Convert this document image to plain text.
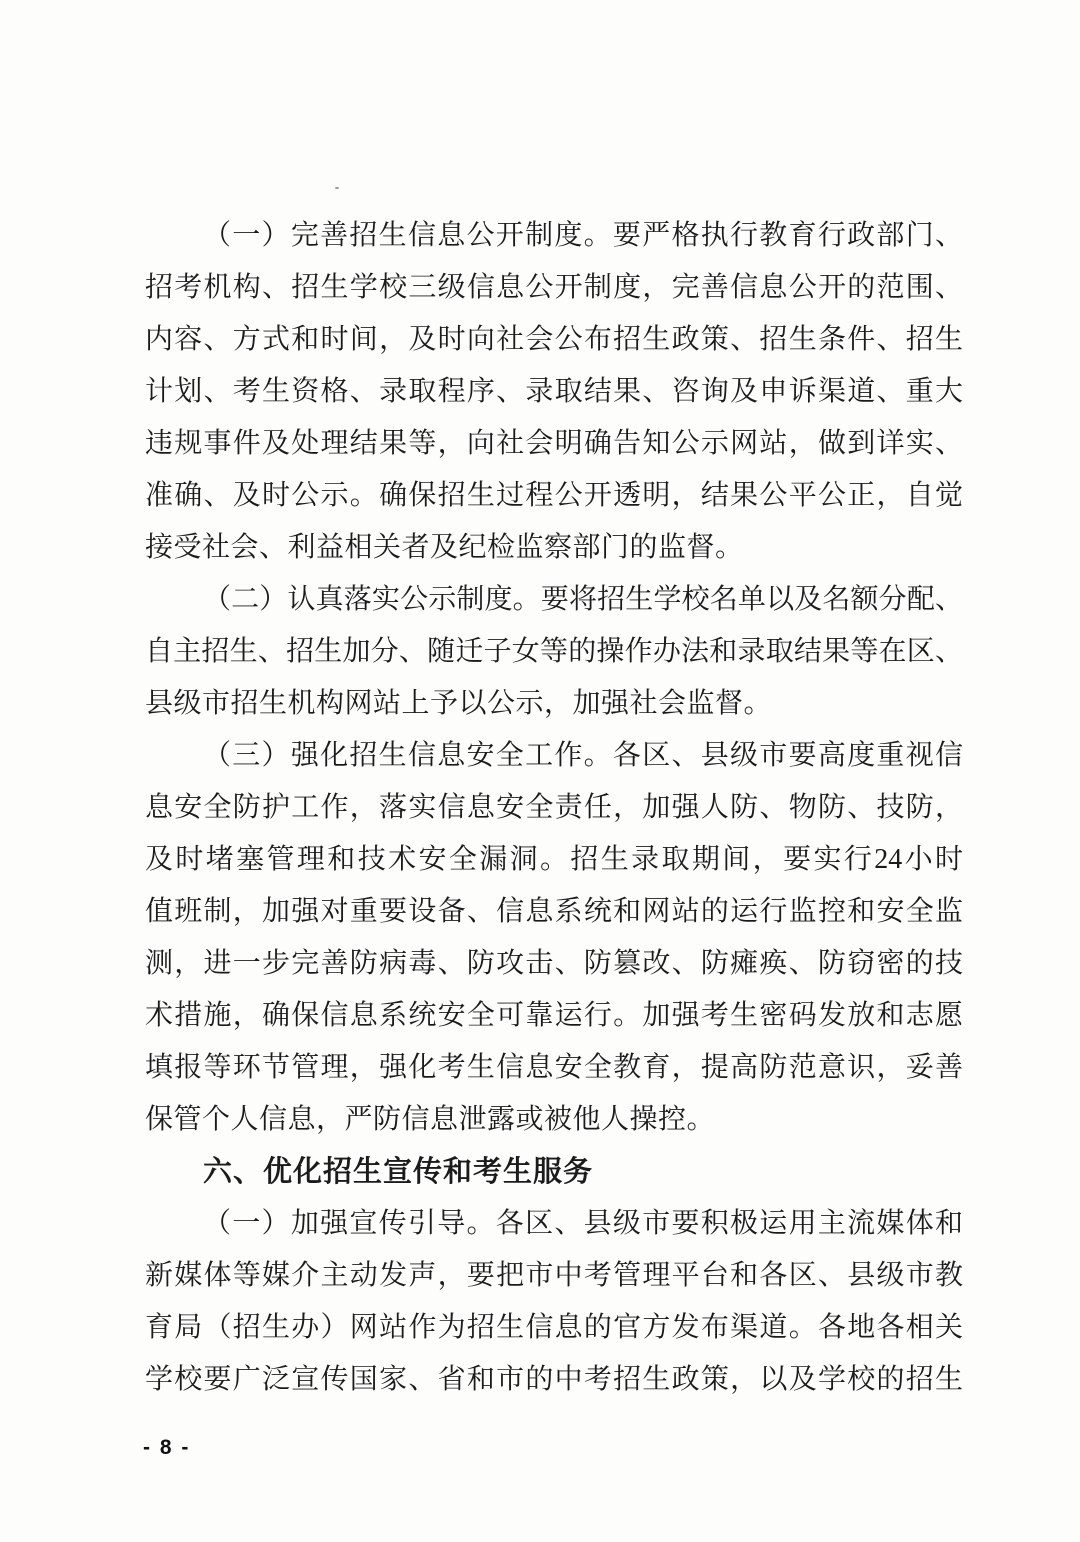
（一）完善招生信息公开制度。要严格执行教育行政部门、
招考机构、招生学校三级信息公开制度，完善信息公开的范围、
内容、方式和时间，及时向社会公布招生政策、招生条件、招生
计划、考生资格、录取程序、录取结果、咨询及申诉渠道、重大
违规事件及处理结果等，向社会明确告知公示网站，做到详实、
准确、及时公示。确保招生过程公开透明，结果公平公正，自觉
接受社会、利益相关者及纪检监察部门的监督。
（二）认真落实公示制度。要将招生学校名单以及名额分配、
自主招生、招生加分、随迁子女等的操作办法和录取结果等在区、
县级市招生机构网站上予以公示，加强社会监督。
（三）强化招生信息安全工作。各区、县级市要高度重视信
息安全防护工作，落实信息安全责任，加强人防、物防、技防，
及时堵塞管理和技术安全漏洞。招生录取期间，要实行24小时
值班制，加强对重要设备、信息系统和网站的运行监控和安全监
测，进一步完善防病毒、防攻击、防篡改、防瘫痪、防窃密的技
术措施，确保信息系统安全可靠运行。加强考生密码发放和志愿
填报等环节管理，强化考生信息安全教育，提高防范意识，妥善
保管个人信息，严防信息泄露或被他人操控。
六、优化招生宣传和考生服务
（一）加强宣传引导。各区、县级市要积极运用主流媒体和
新媒体等媒介主动发声，要把市中考管理平台和各区、县级市教
育局（招生办）网站作为招生信息的官方发布渠道。各地各相关
学校要广泛宣传国家、省和市的中考招生政策，以及学校的招生
- 8 -
